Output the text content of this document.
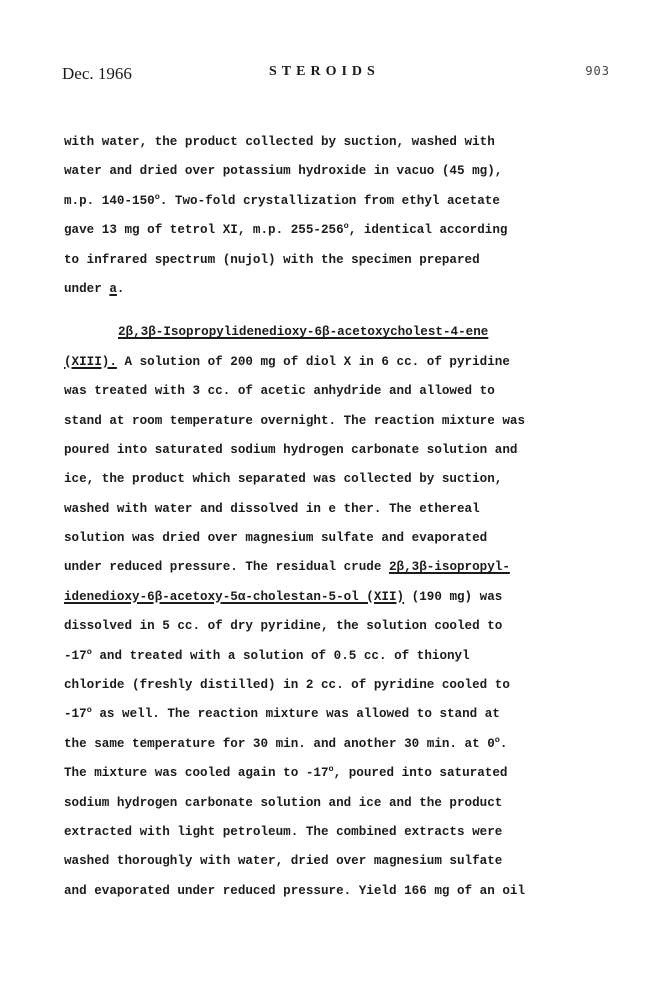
Dec. 1966	STEROIDS	903
with water, the product collected by suction, washed with
water and dried over potassium hydroxide in vacuo (45 mg),
m.p. 140-150$^o$. Two-fold crystallization from ethyl acetate
gave 13 mg of tetrol XI, m.p. 255-256$^o$, identical according
to infrared spectrum (nujol) with the specimen prepared
under a.
2β,3β-Isopropylidenedioxy-6β-acetoxycholest-4-ene
(XIII). A solution of 200 mg of diol X in 6 cc. of pyridine
was treated with 3 cc. of acetic anhydride and allowed to
stand at room temperature overnight. The reaction mixture was
poured into saturated sodium hydrogen carbonate solution and
ice, the product which separated was collected by suction,
washed with water and dissolved in e ther. The ethereal
solution was dried over magnesium sulfate and evaporated
under reduced pressure. The residual crude 2β,3β-isopropyl-
idenedioxy-6β-acetoxy-5α-cholestan-5-ol (XII) (190 mg) was
dissolved in 5 cc. of dry pyridine, the solution cooled to
-17$^o$ and treated with a solution of 0.5 cc. of thionyl
chloride (freshly distilled) in 2 cc. of pyridine cooled to
-17$^o$ as well. The reaction mixture was allowed to stand at
the same temperature for 30 min. and another 30 min. at 0$^o$.
The mixture was cooled again to -17$^o$, poured into saturated
sodium hydrogen carbonate solution and ice and the product
extracted with light petroleum. The combined extracts were
washed thoroughly with water, dried over magnesium sulfate
and evaporated under reduced pressure. Yield 166 mg of an oil
